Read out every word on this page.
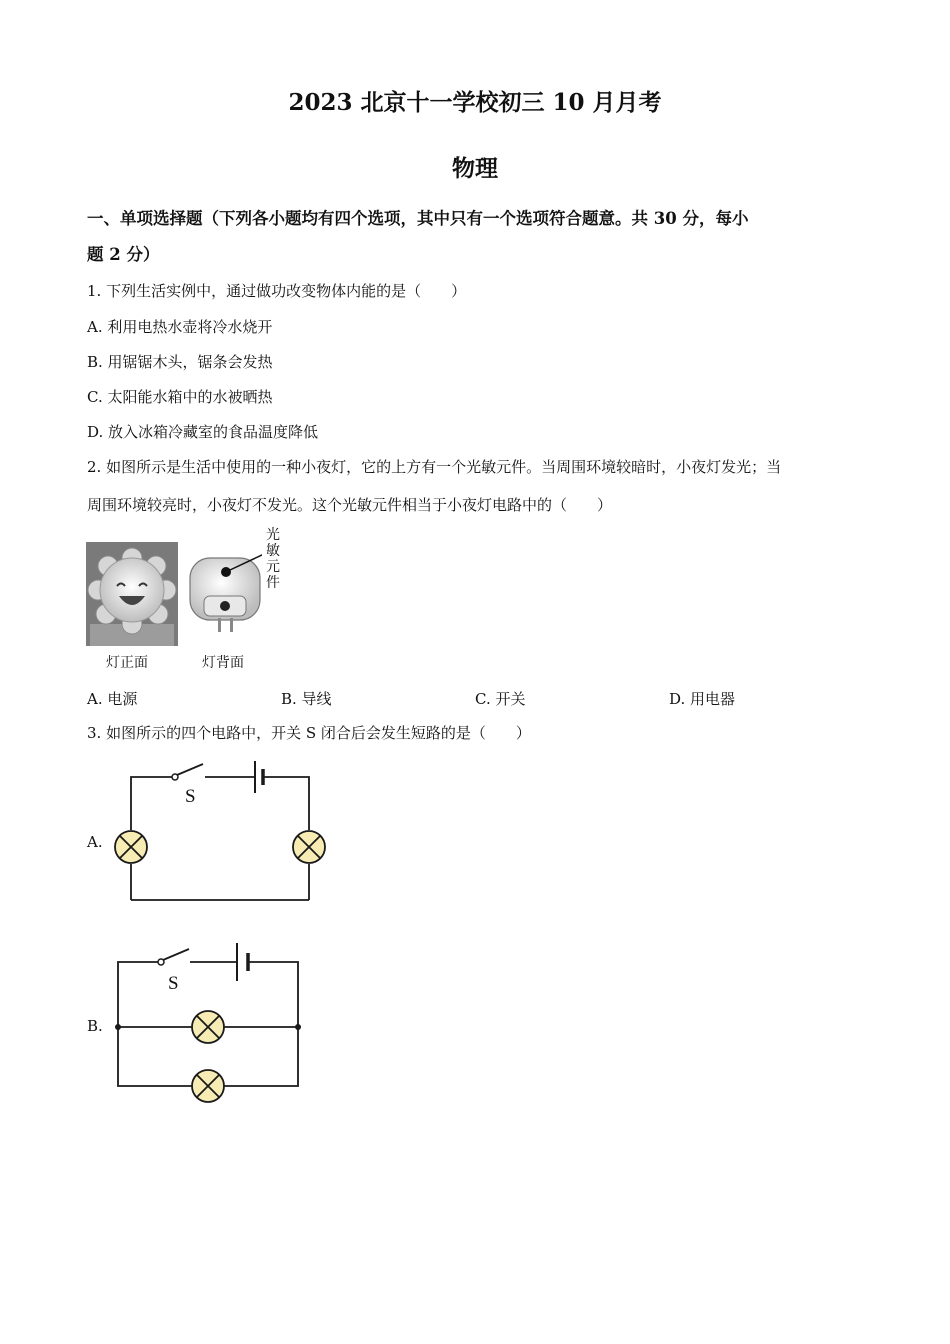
2023 北京十一学校初三 10 月月考
物理
一、单项选择题（下列各小题均有四个选项，其中只有一个选项符合题意。共 30 分，每小
题 2 分）
1. 下列生活实例中，通过做功改变物体内能的是（　　）
A. 利用电热水壶将冷水烧开
B. 用锯锯木头，锯条会发热
C. 太阳能水箱中的水被晒热
D. 放入冰箱冷藏室的食品温度降低
2. 如图所示是生活中使用的一种小夜灯，它的上方有一个光敏元件。当周围环境较暗时，小夜灯发光；当
周围环境较亮时，小夜灯不发光。这个光敏元件相当于小夜灯电路中的（　　）
灯正面
光敏元件
灯背面
A. 电源	B. 导线	C. 开关	D. 用电器
3. 如图所示的四个电路中，开关 S 闭合后会发生短路的是（　　）
A.
S
B.
S
